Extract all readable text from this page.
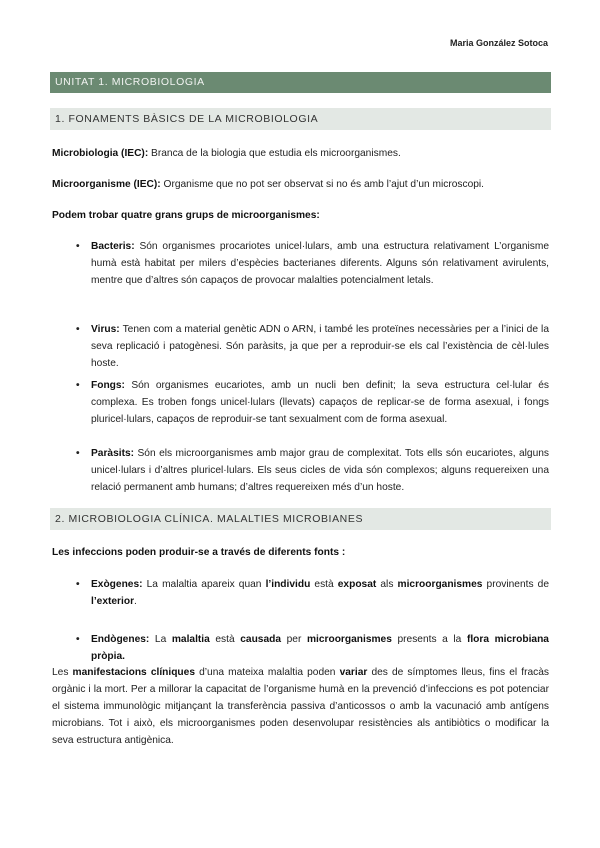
Maria González Sotoca
UNITAT 1. MICROBIOLOGIA
1. FONAMENTS BÀSICS DE LA MICROBIOLOGIA
Microbiologia (IEC): Branca de la biologia que estudia els microorganismes.
Microorganisme (IEC): Organisme que no pot ser observat si no és amb l’ajut d’un microscopi.
Podem trobar quatre grans grups de microorganismes:
• Bacteris: Són organismes procariotes unicel·lulars, amb una estructura relativament L’organisme humà està habitat per milers d’espècies bacterianes diferents. Alguns són relativament avirulents, mentre que d’altres són capaços de provocar malalties potencialment letals.
• Virus: Tenen com a material genètic ADN o ARN, i també les proteïnes necessàries per a l’inici de la seva replicació i patogènesi. Són paràsits, ja que per a reproduir-se els cal l’existència de cèl·lules hoste.
• Fongs: Són organismes eucariotes, amb un nucli ben definit; la seva estructura cel·lular és complexa. Es troben fongs unicel·lulars (llevats) capaços de replicar-se de forma asexual, i fongs pluricel·lulars, capaços de reproduir-se tant sexualment com de forma asexual.
• Paràsits: Són els microorganismes amb major grau de complexitat. Tots ells són eucariotes, alguns unicel·lulars i d’altres pluricel·lulars. Els seus cicles de vida són complexos; alguns requereixen una relació permanent amb humans; d’altres requereixen més d’un hoste.
2. MICROBIOLOGIA CLÍNICA. MALALTIES MICROBIANES
Les infeccions poden produir-se a través de diferents fonts :
• Exògenes: La malaltia apareix quan l’individu està exposat als microorganismes provinents de l’exterior.
• Endògenes: La malaltia està causada per microorganismes presents a la flora microbiana pròpia.
Les manifestacions clíniques d’una mateixa malaltia poden variar des de símptomes lleus, fins el fracàs orgànic i la mort. Per a millorar la capacitat de l’organisme humà en la prevenció d’infeccions es pot potenciar el sistema immunològic mitjançant la transferència passiva d’anticossos o amb la vacunació amb antígens microbians. Tot i això, els microorganismes poden desenvolupar resistències als antibiòtics o modificar la seva estructura antigènica.
